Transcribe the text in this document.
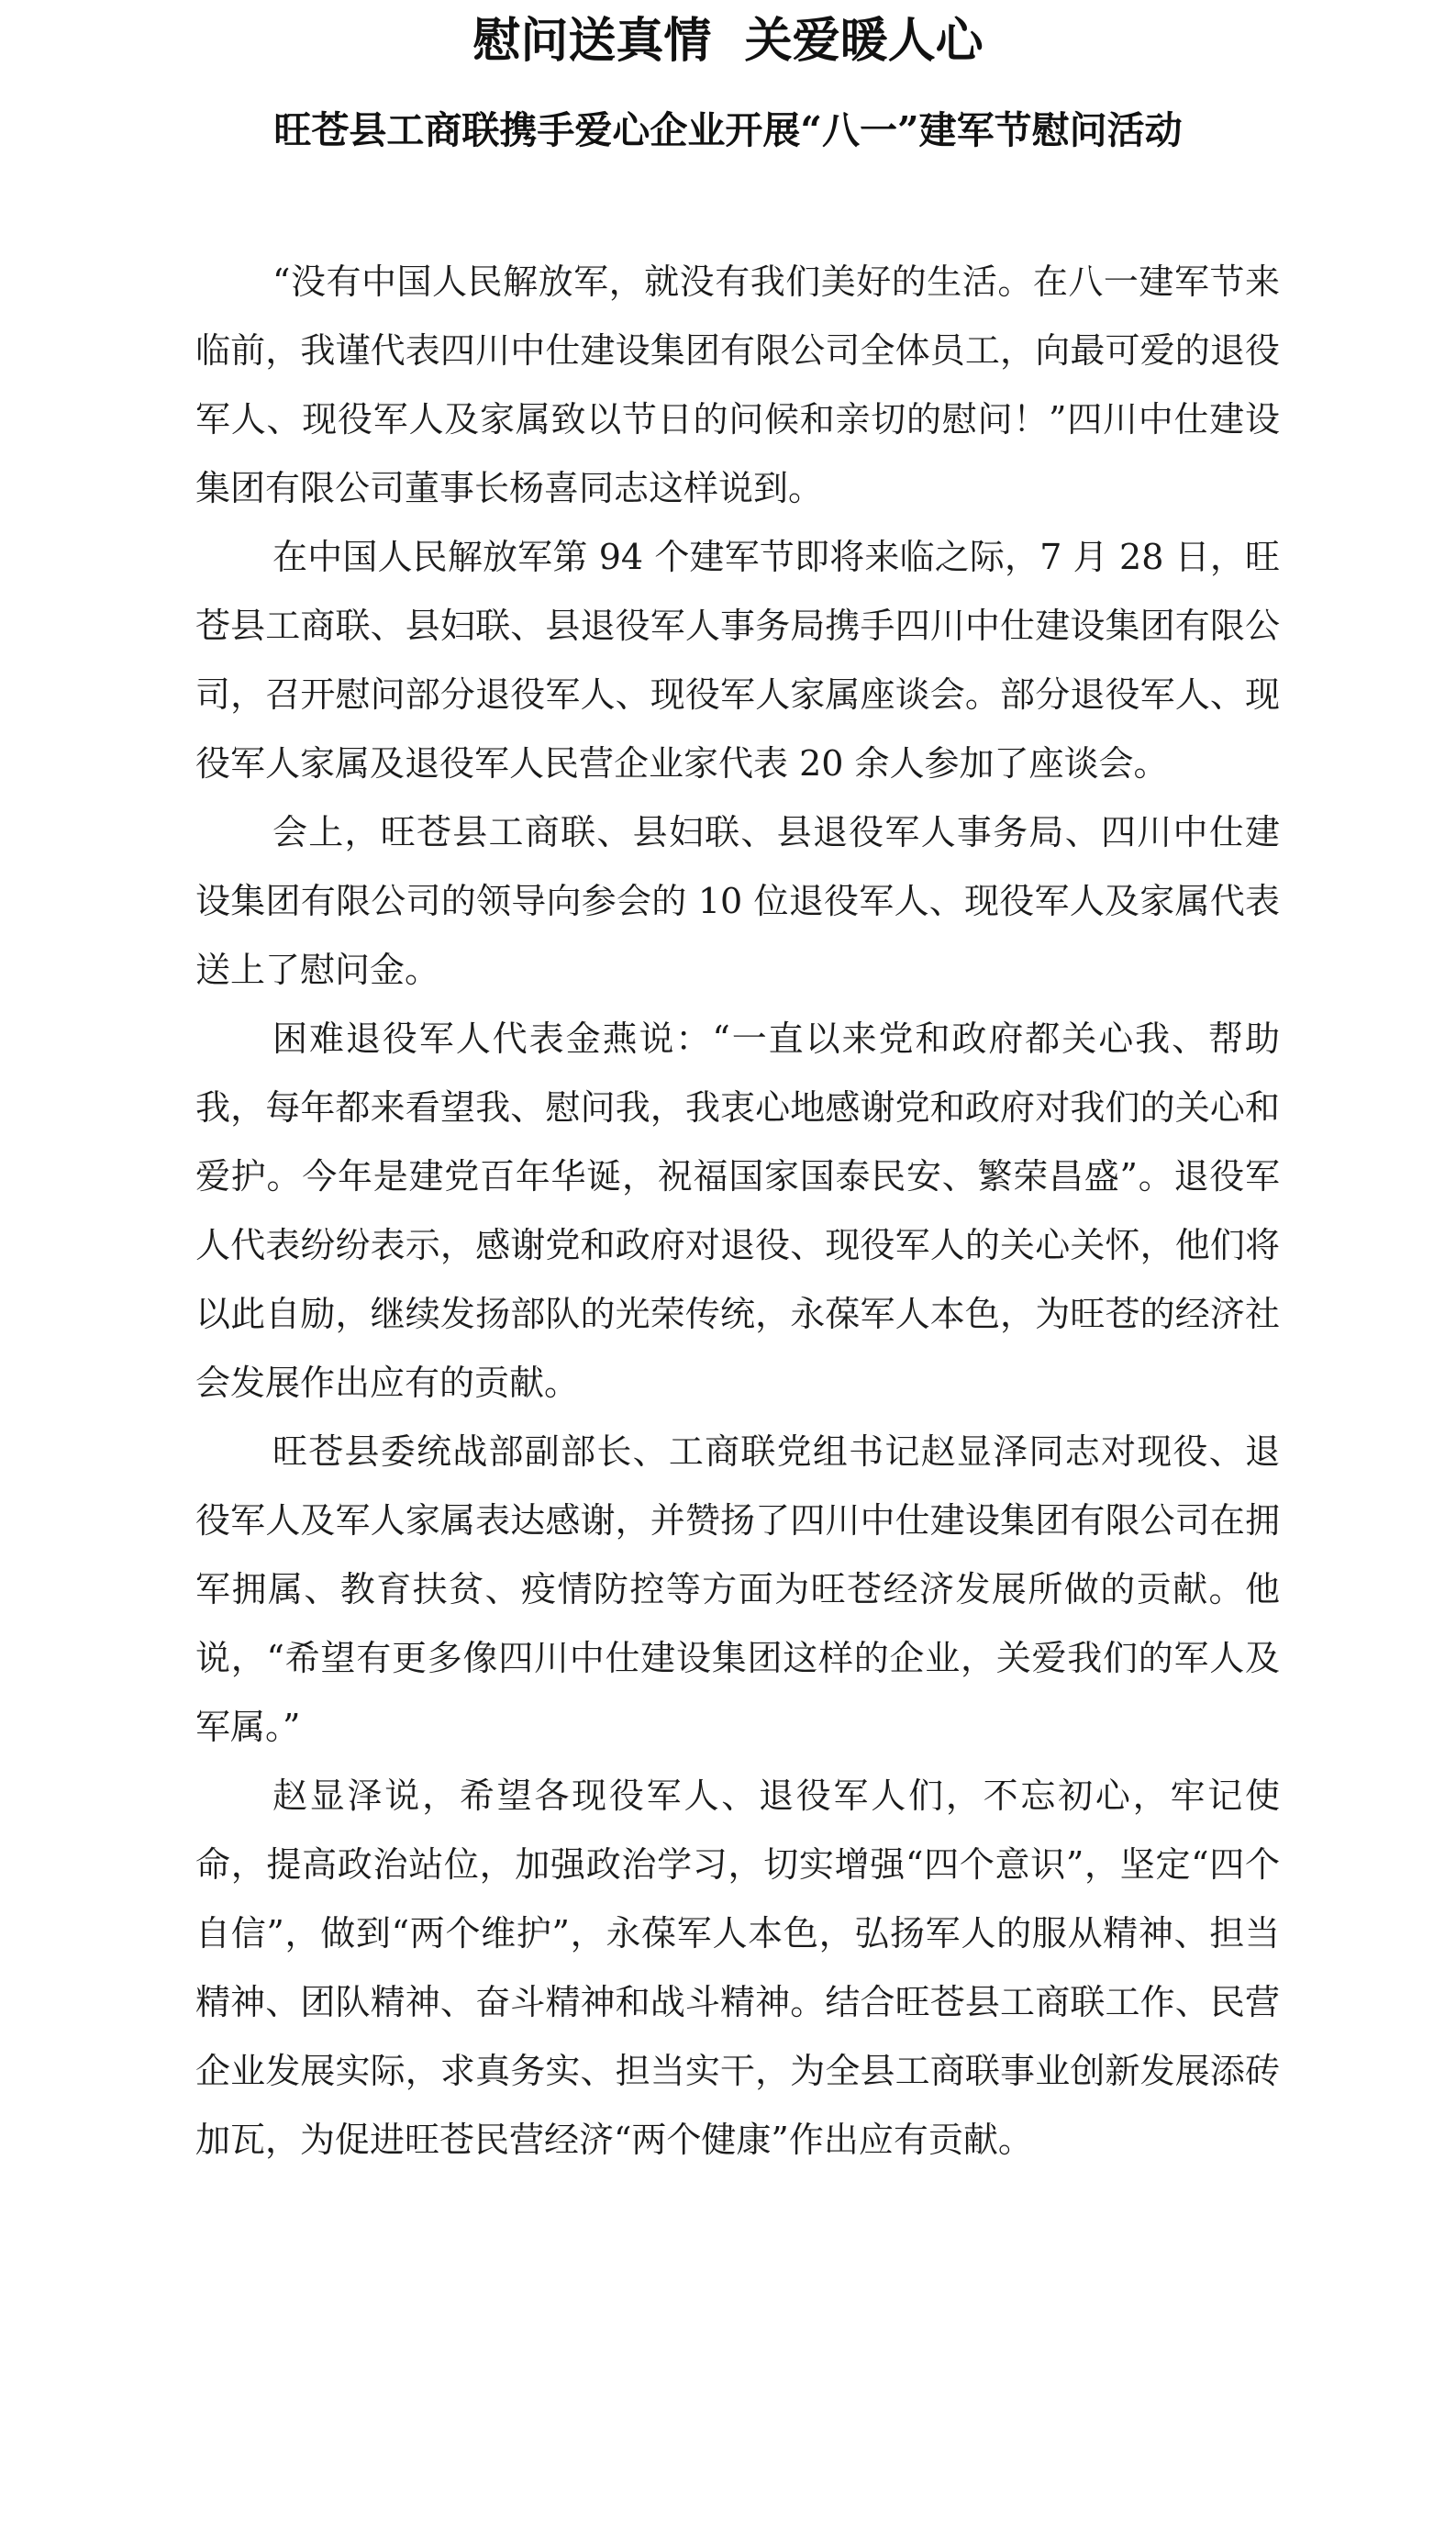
慰问送真情  关爱暖人心
旺苍县工商联携手爱心企业开展“八一”建军节慰问活动

“没有中国人民解放军，就没有我们美好的生活。在八一建军节来临前，我谨代表四川中仕建设集团有限公司全体员工，向最可爱的退役军人、现役军人及家属致以节日的问候和亲切的慰问！”四川中仕建设集团有限公司董事长杨喜同志这样说到。

在中国人民解放军第 94 个建军节即将来临之际，7 月 28 日，旺苍县工商联、县妇联、县退役军人事务局携手四川中仕建设集团有限公司，召开慰问部分退役军人、现役军人家属座谈会。部分退役军人、现役军人家属及退役军人民营企业家代表 20 余人参加了座谈会。

会上，旺苍县工商联、县妇联、县退役军人事务局、四川中仕建设集团有限公司的领导向参会的 10 位退役军人、现役军人及家属代表送上了慰问金。

困难退役军人代表金燕说：“一直以来党和政府都关心我、帮助我，每年都来看望我、慰问我，我衷心地感谢党和政府对我们的关心和爱护。今年是建党百年华诞，祝福国家国泰民安、繁荣昌盛”。退役军人代表纷纷表示，感谢党和政府对退役、现役军人的关心关怀，他们将以此自励，继续发扬部队的光荣传统，永葆军人本色，为旺苍的经济社会发展作出应有的贡献。

旺苍县委统战部副部长、工商联党组书记赵显泽同志对现役、退役军人及军人家属表达感谢，并赞扬了四川中仕建设集团有限公司在拥军拥属、教育扶贫、疫情防控等方面为旺苍经济发展所做的贡献。他说，“希望有更多像四川中仕建设集团这样的企业，关爱我们的军人及军属。”

赵显泽说，希望各现役军人、退役军人们，不忘初心，牢记使命，提高政治站位，加强政治学习，切实增强“四个意识”，坚定“四个自信”，做到“两个维护”，永葆军人本色，弘扬军人的服从精神、担当精神、团队精神、奋斗精神和战斗精神。结合旺苍县工商联工作、民营企业发展实际，求真务实、担当实干，为全县工商联事业创新发展添砖加瓦，为促进旺苍民营经济“两个健康”作出应有贡献。
